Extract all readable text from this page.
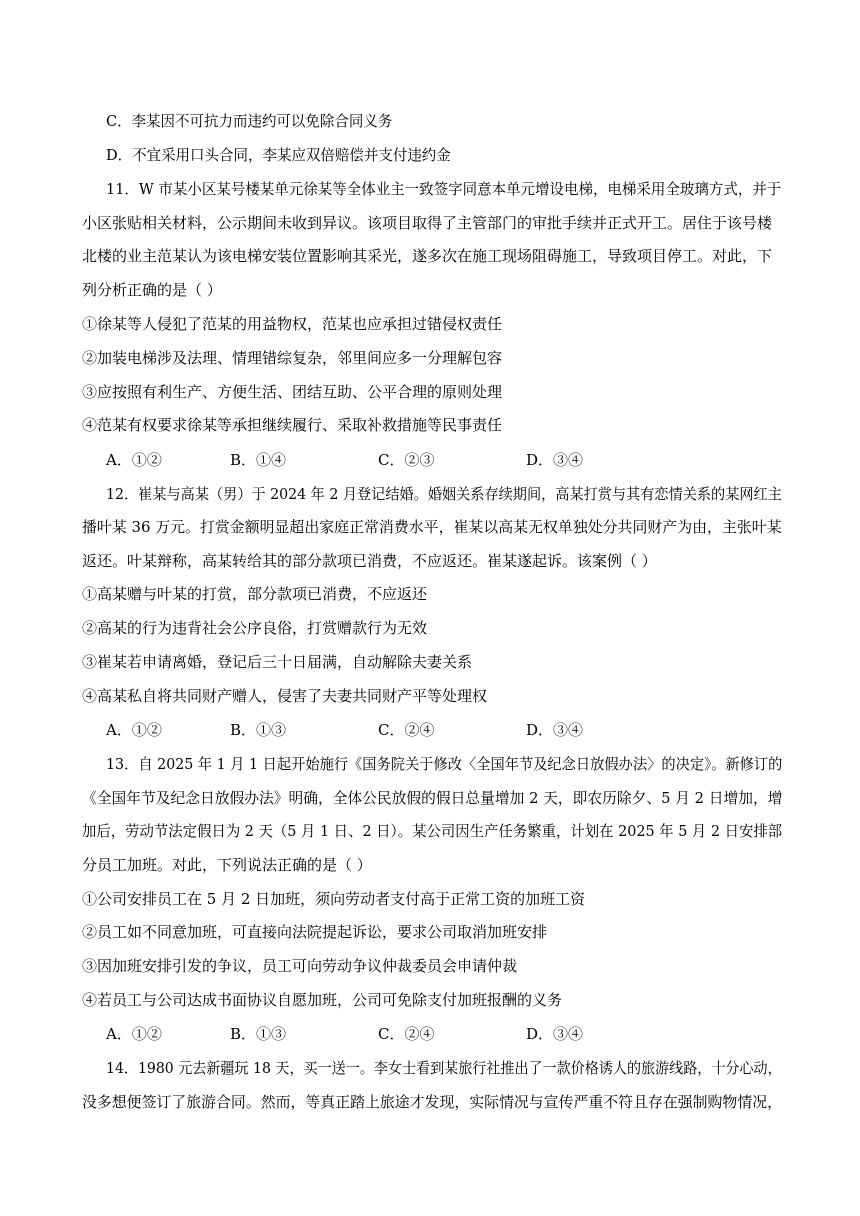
C．李某因不可抗力而违约可以免除合同义务
D．不宜采用口头合同，李某应双倍赔偿并支付违约金
11．W 市某小区某号楼某单元徐某等全体业主一致签字同意本单元增设电梯，电梯采用全玻璃方式，并于
小区张贴相关材料，公示期间未收到异议。该项目取得了主管部门的审批手续并正式开工。居住于该号楼
北楼的业主范某认为该电梯安装位置影响其采光，遂多次在施工现场阻碍施工，导致项目停工。对此，下
列分析正确的是（ ）
①徐某等人侵犯了范某的用益物权，范某也应承担过错侵权责任
②加装电梯涉及法理、情理错综复杂，邻里间应多一分理解包容
③应按照有利生产、方便生活、团结互助、公平合理的原则处理
④范某有权要求徐某等承担继续履行、采取补救措施等民事责任
A．①②	B．①④	C．②③	D．③④
12．崔某与高某（男）于 2024 年 2 月登记结婚。婚姻关系存续期间，高某打赏与其有恋情关系的某网红主
播叶某 36 万元。打赏金额明显超出家庭正常消费水平，崔某以高某无权单独处分共同财产为由，主张叶某
返还。叶某辩称，高某转给其的部分款项已消费，不应返还。崔某遂起诉。该案例（ ）
①高某赠与叶某的打赏，部分款项已消费，不应返还
②高某的行为违背社会公序良俗，打赏赠款行为无效
③崔某若申请离婚，登记后三十日届满，自动解除夫妻关系
④高某私自将共同财产赠人，侵害了夫妻共同财产平等处理权
A．①②	B．①③	C．②④	D．③④
13．自 2025 年 1 月 1 日起开始施行《国务院关于修改〈全国年节及纪念日放假办法〉的决定》。新修订的
《全国年节及纪念日放假办法》明确，全体公民放假的假日总量增加 2 天，即农历除夕、5 月 2 日增加，增
加后，劳动节法定假日为 2 天（5 月 1 日、2 日）。某公司因生产任务繁重，计划在 2025 年 5 月 2 日安排部
分员工加班。对此，下列说法正确的是（ ）
①公司安排员工在 5 月 2 日加班，须向劳动者支付高于正常工资的加班工资
②员工如不同意加班，可直接向法院提起诉讼，要求公司取消加班安排
③因加班安排引发的争议，员工可向劳动争议仲裁委员会申请仲裁
④若员工与公司达成书面协议自愿加班，公司可免除支付加班报酬的义务
A．①②	B．①③	C．②④	D．③④
14．1980 元去新疆玩 18 天，买一送一。李女士看到某旅行社推出了一款价格诱人的旅游线路，十分心动，
没多想便签订了旅游合同。然而，等真正踏上旅途才发现，实际情况与宣传严重不符且存在强制购物情况，
